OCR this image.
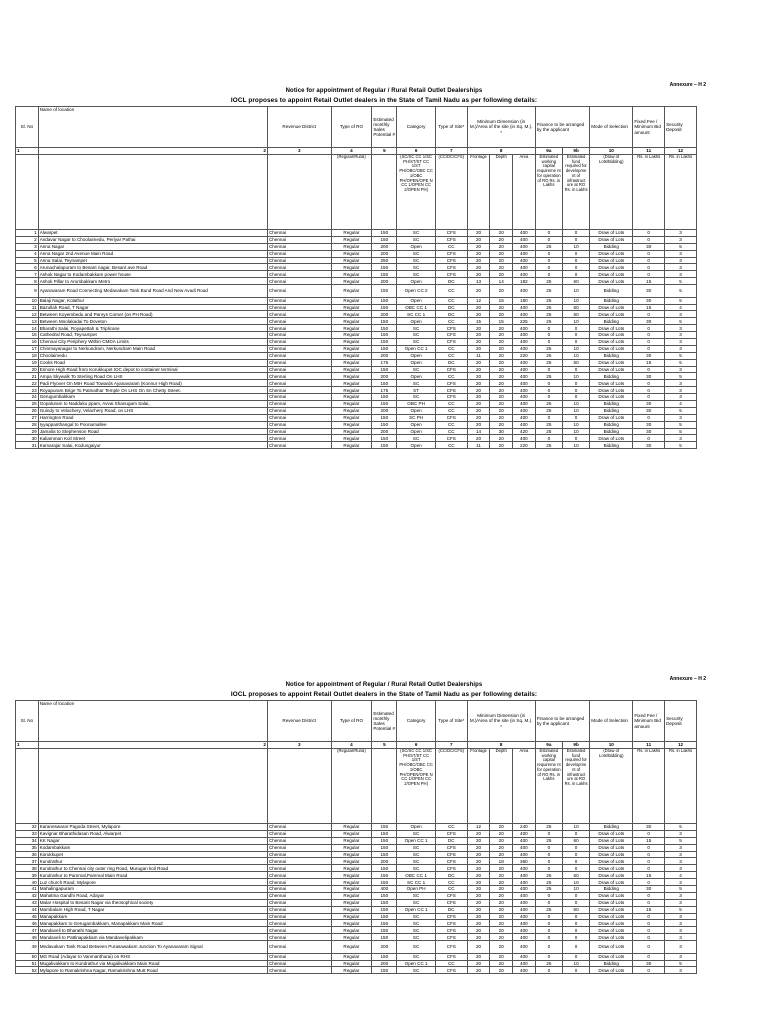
Annexure – H 2
Notice for appointment of Regular / Rural Retail Outlet Dealerships
IOCL proposes to appoint Retail Outlet dealers in the State of Tamil Nadu as per following details:
Sl. No	Name of location	Revenue District	Type of RO	Estimated monthly Sales Potential #	Category	Type of Site*	Minimum Dimension (in M.)/Area of the site (in Sq. M.). *			Finance to be arranged by the applicant		Mode of Selection	Fixed Fee / Minimum Bid amount	Security Deposit
1	2	3	4	5	6	7	8			9a	9b	10	11	12
			(Regular/Rural)		(SC/SC CC 1/SC PH/ST/ST CC 1/ST PH/OBC/OBC CC 1/OBC PH/OPEN/OPE N CC 1/OPEN CC 2/OPEN PH)	(CC/DC/CFS)	Frontage	Depth	Area	Estimated working capital requireme nt for operation of RO Rs. in Lakhs	Estimated fund required for developme nt of infrastruct ure at RO Rs. in Lakhs	(Draw of Lots/Bidding)	Rs. in Lakhs	Rs. in Lakhs
1	Alwarpet	Chennai	Regular	150	SC	CFS	20	20	400	0	0	Draw of Lots	0	3
2	Andavar Nagar to Choolaimedu, Periyar Pathai	Chennai	Regular	150	SC	CFS	20	20	400	0	0	Draw of Lots	0	3
3	Anna Nagar	Chennai	Regular	200	Open	CC	20	20	400	25	10	Bidding	30	5
4	Anna Nagar 2nd Avenue Main Road	Chennai	Regular	200	SC	CFS	20	20	400	0	0	Draw of Lots	0	3
5	Anna Salai, Teynampet	Chennai	Regular	250	SC	CFS	20	20	400	0	0	Draw of Lots	0	3
6	Arunachalapuram to Besant nagar, Besant ave Road	Chennai	Regular	150	SC	CFS	20	20	400	0	0	Draw of Lots	0	3
7	Ashok Nagar to Kodambakkam power house	Chennai	Regular	150	SC	CFS	20	20	400	0	0	Draw of Lots	0	3
8	Ashok Pillar to Arumbakkam Metro	Chennai	Regular	200	Open	DC	13	14	182	25	60	Draw of Lots	15	5
9	Ayanavaram Road Connecting Medavakam Tank Bund Road And New Avadi Road	Chennai	Regular	150	Open CC 2	CC	20	20	400	25	10	Bidding	30	5
10	Balaji Nagar, Kolathur	Chennai	Regular	150	Open	CC	12	15	180	25	10	Bidding	30	5
11	Bazullah Road, T Nagar	Chennai	Regular	150	OBC CC 1	DC	20	20	400	25	60	Draw of Lots	15	4
12	Between Koyembedu and Panrys Corner (on PH Road)	Chennai	Regular	200	SC CC 1	DC	20	20	400	25	60	Draw of Lots	0	3
13	Between Moolakadai To Doveton	Chennai	Regular	150	Open	CC	15	15	225	25	10	Bidding	30	5
14	Bharathi Salai, Royapettah & Triplicane	Chennai	Regular	150	SC	CFS	20	20	400	0	0	Draw of Lots	0	3
15	Cathedral Road, Teynampet	Chennai	Regular	150	SC	CFS	20	20	400	0	0	Draw of Lots	0	3
16	Chennai City Periphery Within CMDA Limits	Chennai	Regular	150	SC	CFS	20	20	400	0	0	Draw of Lots	0	3
17	Chinmayanagar to Nerkundram, Nerkundram Main Road	Chennai	Regular	150	Open CC 1	CC	20	20	400	25	10	Draw of Lots	0	3
18	Choolaimedu	Chennai	Regular	200	Open	CC	11	20	220	25	10	Bidding	30	5
19	Cooks Road	Chennai	Regular	175	Open	DC	20	20	400	25	60	Draw of Lots	15	5
20	Ennore High Road from Korukkupet IOC depot to container terminal	Chennai	Regular	150	SC	CFS	20	20	400	0	0	Draw of Lots	0	3
21	Ampa Skywalk To Sterling Road On LHS	Chennai	Regular	200	Open	CC	20	20	400	25	10	Bidding	30	5
22	Padi Flyover On MtH Road Towards Ayanavaram (Konnur High Road)	Chennai	Regular	150	SC	CFS	20	20	400	0	0	Draw of Lots	0	3
23	Royapuram Brige To Patinathar Temple On LHS On Sn Chetty Street.	Chennai	Regular	175	ST	CFS	20	20	400	0	0	Draw of Lots	0	3
24	Gerugumbakkam	Chennai	Regular	150	SC	CFS	20	20	400	0	0	Draw of Lots	0	3
25	Gopaluram to Nadduku ppam, Avvai Shanugam Salai,	Chennai	Regular	150	OBC PH	CC	20	20	400	25	10	Bidding	30	4
26	Guindy to Velachery, Velachery Road, on LHS	Chennai	Regular	200	Open	CC	20	20	400	25	10	Bidding	30	5
27	Harrington Road	Chennai	Regular	150	SC PH	CFS	20	20	400	0	0	Draw of Lots	0	3
28	Iyyappanthangal to Poonamallee	Chennai	Regular	150	Open	CC	20	20	400	25	10	Bidding	30	5
29	Jamalia to Stephenson Road	Chennai	Regular	200	Open	CC	14	30	420	25	10	Bidding	30	5
30	Kaliamman Koil Street	Chennai	Regular	150	SC	CFS	20	20	400	0	0	Draw of Lots	0	3
31	Kamarajar Salai, Kodungaiyur	Chennai	Regular	150	Open	CC	11	20	220	25	10	Bidding	30	5
Annexure – H 2
Notice for appointment of Regular / Rural Retail Outlet Dealerships
IOCL proposes to appoint Retail Outlet dealers in the State of Tamil Nadu as per following details:
Sl. No	Name of location	Revenue District	Type of RO	Estimated monthly Sales Potential #	Category	Type of Site*	Minimum Dimension (in M.)/Area of the site (in Sq. M.). *			Finance to be arranged by the applicant		Mode of Selection	Fixed Fee / Minimum Bid amount	Security Deposit
1	2	3	4	5	6	7	8			9a	9b	10	11	12
			(Regular/Rural)		(SC/SC CC 1/SC PH/ST/ST CC 1/ST PH/OBC/OBC CC 1/OBC PH/OPEN/OPE N CC 1/OPEN CC 2/OPEN PH)	(CC/DC/CFS)	Frontage	Depth	Area	Estimated working capital requireme nt for operation of RO Rs. in Lakhs	Estimated fund required for developme nt of infrastruct ure at RO Rs. in Lakhs	(Draw of Lots/Bidding)	Rs. in Lakhs	Rs. in Lakhs
32	Karaneswarar Pagoda Street, Mylapore	Chennai	Regular	150	Open	CC	12	20	240	25	10	Bidding	30	5
33	Kavignar Bharathidasan Road, Alwarpet	Chennai	Regular	150	SC	CFS	20	20	400	0	0	Draw of Lots	0	3
34	KK Nagar	Chennai	Regular	150	Open CC 1	DC	20	20	400	25	60	Draw of Lots	15	5
35	Kodambakkam	Chennai	Regular	150	SC	CFS	20	20	400	0	0	Draw of Lots	0	3
36	Korukkupet	Chennai	Regular	150	SC	CFS	20	20	400	0	0	Draw of Lots	0	3
37	Kundrathur	Chennai	Regular	200	SC	CFS	20	18	360	0	0	Draw of Lots	0	3
38	Kundrathur to Chennai city outer ring Road, Murugan koil Road	Chennai	Regular	150	SC	CFS	20	20	400	0	0	Draw of Lots	0	3
39	Kundrathur to Pammal,Pammal Main Road	Chennai	Regular	150	OBC CC 1	DC	20	20	400	25	60	Draw of Lots	15	4
40	Luz church Road, Mylapore	Chennai	Regular	150	SC CC 1	CC	20	20	400	25	10	Draw of Lots	0	3
41	Mahalingapuram	Chennai	Regular	400	Open PH	CC	20	20	400	25	10	Bidding	30	5
42	Mahatma Gandhi Road, Adayar	Chennai	Regular	150	SC	CFS	20	20	400	0	0	Draw of Lots	0	3
43	Malar Hospital to Besant Nagar via theosophical society	Chennai	Regular	150	SC	CFS	20	20	400	0	0	Draw of Lots	0	3
44	Mambalam High Road, T Nagar	Chennai	Regular	150	Open CC 1	DC	20	20	400	25	60	Draw of Lots	15	5
45	Manapakkam	Chennai	Regular	150	SC	CFS	20	20	400	0	0	Draw of Lots	0	3
46	Manapakkam to Gerugambakkam, Manapakkam Main Road	Chennai	Regular	150	SC	CFS	20	20	400	0	0	Draw of Lots	0	3
47	Mandaveli to Bharathi Nagar	Chennai	Regular	150	SC	CFS	20	20	400	0	0	Draw of Lots	0	3
48	Mandaveli to Pattinapakkam via Mandavelipakkam	Chennai	Regular	150	SC	CFS	20	20	400	0	0	Draw of Lots	0	3
49	Medavakam Tank Road Between Purasawakam Junction To Ayanavaram Signal	Chennai	Regular	200	SC	CFS	20	20	400	0	0	Draw of Lots	0	3
50	MG Road (Adayar to Vanmanthurai) on RHS	Chennai	Regular	150	SC	CFS	20	20	400	0	0	Draw of Lots	0	3
51	Mugalivakkam to Kundrathur via Mugalivakkam Main Road	Chennai	Regular	200	Open CC 1	CC	20	20	400	25	10	Bidding	30	5
52	Mylapore to Ramakrishna Nagar, Ramakrishna Mutt Road	Chennai	Regular	150	SC	CFS	20	20	400	0	0	Draw of Lots	0	3
